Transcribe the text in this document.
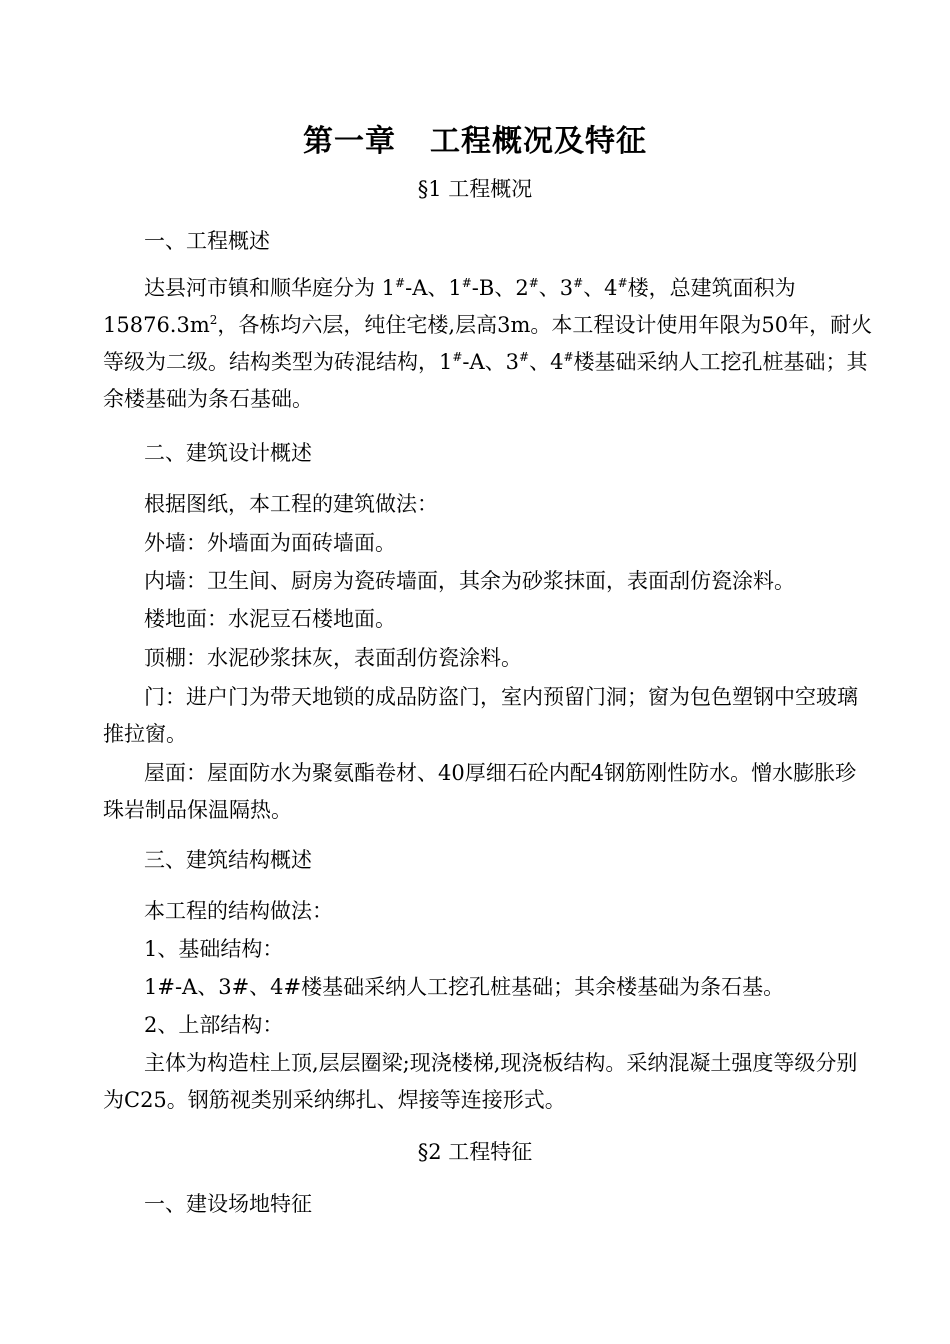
第一章 工程概况及特征
§1 工程概况
一、工程概述

达县河市镇和顺华庭分为 1#-A、1#-B、2#、3#、4#楼，总建筑面积为$15876.3m^2$，各栋均六层，纯住宅楼,层高3m。本工程设计使用年限为50年，耐火等级为二级。结构类型为砖混结构，1#-A、3#、4#楼基础采纳人工挖孔桩基础；其余楼基础为条石基础。

二、建筑设计概述

根据图纸，本工程的建筑做法：

外墙：外墙面为面砖墙面。

内墙：卫生间、厨房为瓷砖墙面，其余为砂浆抹面，表面刮仿瓷涂料。

楼地面：水泥豆石楼地面。

顶棚：水泥砂浆抹灰，表面刮仿瓷涂料。

门：进户门为带天地锁的成品防盗门，室内预留门洞；窗为包色塑钢中空玻璃推拉窗。

屋面：屋面防水为聚氨酯卷材、40厚细石砼内配4钢筋刚性防水。憎水膨胀珍珠岩制品保温隔热。

三、建筑结构概述

本工程的结构做法：

1、基础结构：

1#-A、3#、4#楼基础采纳人工挖孔桩基础；其余楼基础为条石基。

2、上部结构：

主体为构造柱上顶,层层圈梁;现浇楼梯,现浇板结构。采纳混凝土强度等级分别为C25。钢筋视类别采纳绑扎、焊接等连接形式。

§2 工程特征
一、建设场地特征
